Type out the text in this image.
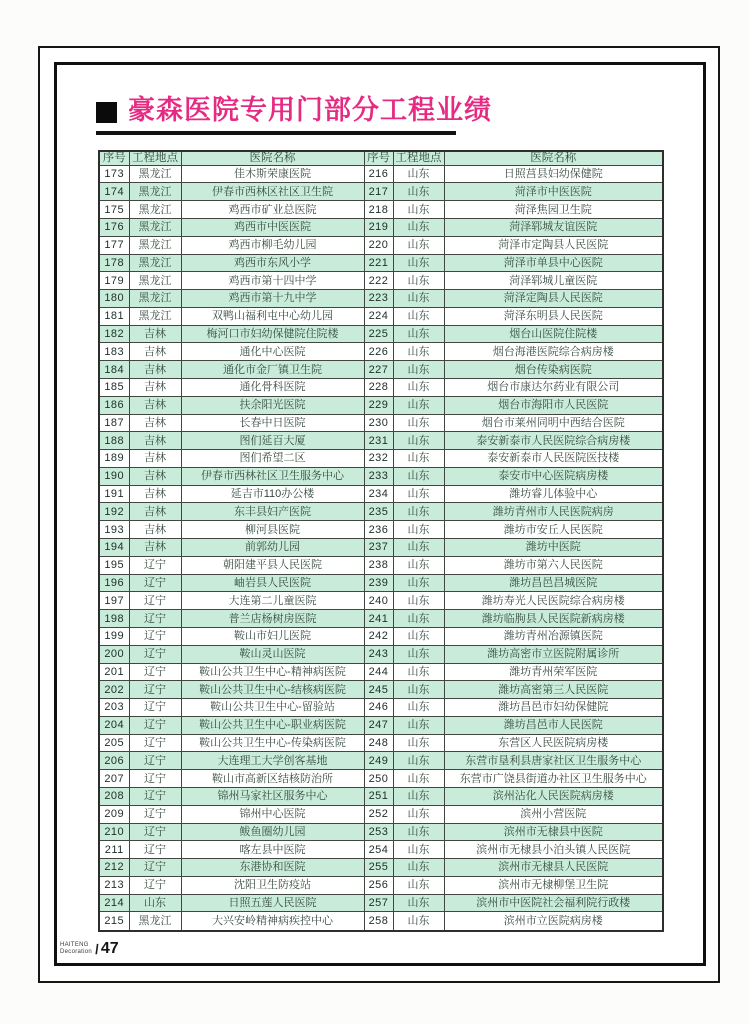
豪森医院专用门部分工程业绩
序号	工程地点	医院名称	序号	工程地点	医院名称
173	黑龙江	佳木斯荣康医院	216	山东	日照莒县妇幼保健院
174	黑龙江	伊春市西林区社区卫生院	217	山东	菏泽市中医医院
175	黑龙江	鸡西市矿业总医院	218	山东	菏泽焦园卫生院
176	黑龙江	鸡西市中医医院	219	山东	菏泽郓城友谊医院
177	黑龙江	鸡西市柳毛幼儿园	220	山东	菏泽市定陶县人民医院
178	黑龙江	鸡西市东风小学	221	山东	菏泽市单县中心医院
179	黑龙江	鸡西市第十四中学	222	山东	菏泽郓城儿童医院
180	黑龙江	鸡西市第十九中学	223	山东	菏泽定陶县人民医院
181	黑龙江	双鸭山福利屯中心幼儿园	224	山东	菏泽东明县人民医院
182	吉林	梅河口市妇幼保健院住院楼	225	山东	烟台山医院住院楼
183	吉林	通化中心医院	226	山东	烟台海港医院综合病房楼
184	吉林	通化市金厂镇卫生院	227	山东	烟台传染病医院
185	吉林	通化骨科医院	228	山东	烟台市康达尔药业有限公司
186	吉林	扶余阳光医院	229	山东	烟台市海阳市人民医院
187	吉林	长春中日医院	230	山东	烟台市莱州同明中西结合医院
188	吉林	图们延百大厦	231	山东	泰安新泰市人民医院综合病房楼
189	吉林	图们希望二区	232	山东	泰安新泰市人民医院医技楼
190	吉林	伊春市西林社区卫生服务中心	233	山东	泰安市中心医院病房楼
191	吉林	延吉市110办公楼	234	山东	潍坊睿儿体验中心
192	吉林	东丰县妇产医院	235	山东	潍坊青州市人民医院病房
193	吉林	柳河县医院	236	山东	潍坊市安丘人民医院
194	吉林	前郭幼儿园	237	山东	潍坊中医院
195	辽宁	朝阳建平县人民医院	238	山东	潍坊市第六人民医院
196	辽宁	岫岩县人民医院	239	山东	潍坊昌邑昌城医院
197	辽宁	大连第二儿童医院	240	山东	潍坊寿光人民医院综合病房楼
198	辽宁	普兰店杨树房医院	241	山东	潍坊临朐县人民医院新病房楼
199	辽宁	鞍山市妇儿医院	242	山东	潍坊青州冶源镇医院
200	辽宁	鞍山灵山医院	243	山东	潍坊高密市立医院附属诊所
201	辽宁	鞍山公共卫生中心-精神病医院	244	山东	潍坊青州荣军医院
202	辽宁	鞍山公共卫生中心-结核病医院	245	山东	潍坊高密第三人民医院
203	辽宁	鞍山公共卫生中心-留验站	246	山东	潍坊昌邑市妇幼保健院
204	辽宁	鞍山公共卫生中心-职业病医院	247	山东	潍坊昌邑市人民医院
205	辽宁	鞍山公共卫生中心-传染病医院	248	山东	东营区人民医院病房楼
206	辽宁	大连理工大学创客基地	249	山东	东营市垦利县唐家社区卫生服务中心
207	辽宁	鞍山市高新区结核防治所	250	山东	东营市广饶县街道办社区卫生服务中心
208	辽宁	锦州马家社区服务中心	251	山东	滨州沾化人民医院病房楼
209	辽宁	锦州中心医院	252	山东	滨州小营医院
210	辽宁	鲅鱼圈幼儿园	253	山东	滨州市无棣县中医院
211	辽宁	喀左县中医院	254	山东	滨州市无棣县小泊头镇人民医院
212	辽宁	东港协和医院	255	山东	滨州市无棣县人民医院
213	辽宁	沈阳卫生防疫站	256	山东	滨州市无棣柳堡卫生院
214	山东	日照五莲人民医院	257	山东	滨州市中医院社会福利院行政楼
215	黑龙江	大兴安岭精神病疾控中心	258	山东	滨州市立医院病房楼
HAITENG
Decoration \ 47
